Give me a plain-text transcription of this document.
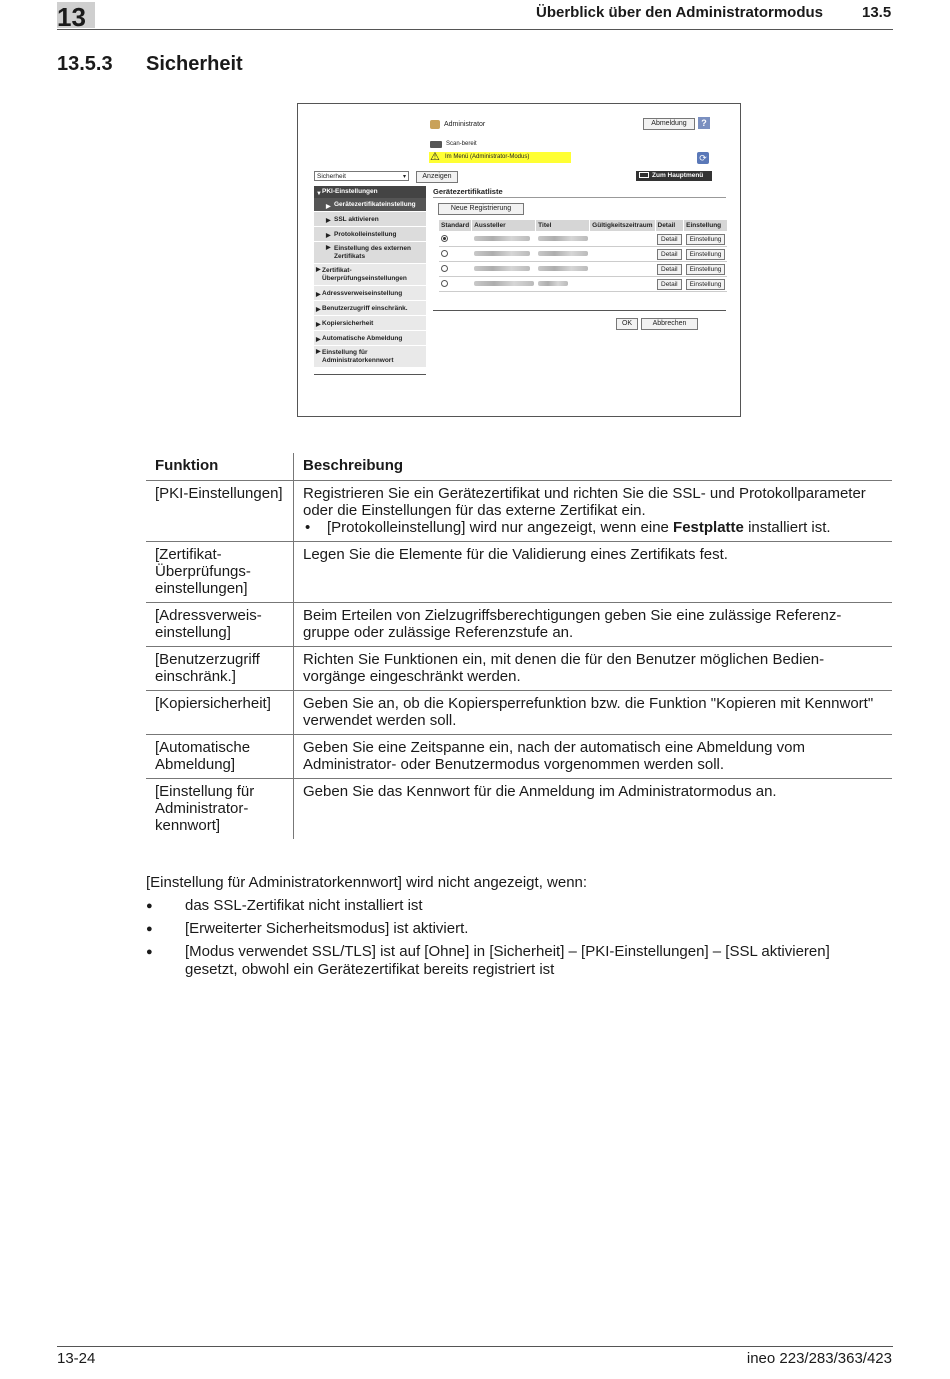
13	Überblick über den Administratormodus	13.5
13.5.3 Sicherheit
Administrator	Abmeldung	?
Scan-bereit
Im Menü (Administrator-Modus)
⚠	⟳
Sicherheit	▾	Anzeigen	Zum Hauptmenü
▼ PKI-Einstellungen
▶ Gerätezertifikateinstellung
▶ SSL aktivieren
▶ Protokolleinstellung
▶ Einstellung des externen Zertifikats
▶ Zertifikat-Überprüfungseinstellungen
▶ Adressverweiseinstellung
▶ Benutzerzugriff einschränk.
▶ Kopiersicherheit
▶ Automatische Abmeldung
▶ Einstellung für Administratorkennwort
Gerätezertifikatliste
Neue Registrierung
Standard	Aussteller	Titel	Gültigkeitszeitraum	Detail	Einstellung
				Detail	Einstellung
				Detail	Einstellung
				Detail	Einstellung
				Detail	Einstellung
OK	Abbrechen
Funktion	Beschreibung
[PKI-Einstellungen]	Registrieren Sie ein Gerätezertifikat und richten Sie die SSL- und Protokollparameter oder die Einstellungen für das externe Zertifikat ein.
• [Protokolleinstellung] wird nur angezeigt, wenn eine Festplatte installiert ist.

[Zertifikat-Überprüfungs-einstellungen]	Legen Sie die Elemente für die Validierung eines Zertifikats fest.
[Adressverweis-einstellung]	Beim Erteilen von Zielzugriffsberechtigungen geben Sie eine zulässige Referenz-gruppe oder zulässige Referenzstufe an.
[Benutzerzugriff einschränk.]	Richten Sie Funktionen ein, mit denen die für den Benutzer möglichen Bedien-vorgänge eingeschränkt werden.
[Kopiersicherheit]	Geben Sie an, ob die Kopiersperrefunktion bzw. die Funktion "Kopieren mit Kennwort" verwendet werden soll.
[Automatische Abmeldung]	Geben Sie eine Zeitspanne ein, nach der automatisch eine Abmeldung vom Administrator- oder Benutzermodus vorgenommen werden soll.
[Einstellung für Administrator-kennwort]	Geben Sie das Kennwort für die Anmeldung im Administratormodus an.
[Einstellung für Administratorkennwort] wird nicht angezeigt, wenn:
● das SSL-Zertifikat nicht installiert ist
● [Erweiterter Sicherheitsmodus] ist aktiviert.
● [Modus verwendet SSL/TLS] ist auf [Ohne] in [Sicherheit] – [PKI-Einstellungen] – [SSL aktivieren] gesetzt, obwohl ein Gerätezertifikat bereits registriert ist
13-24	ineo 223/283/363/423
